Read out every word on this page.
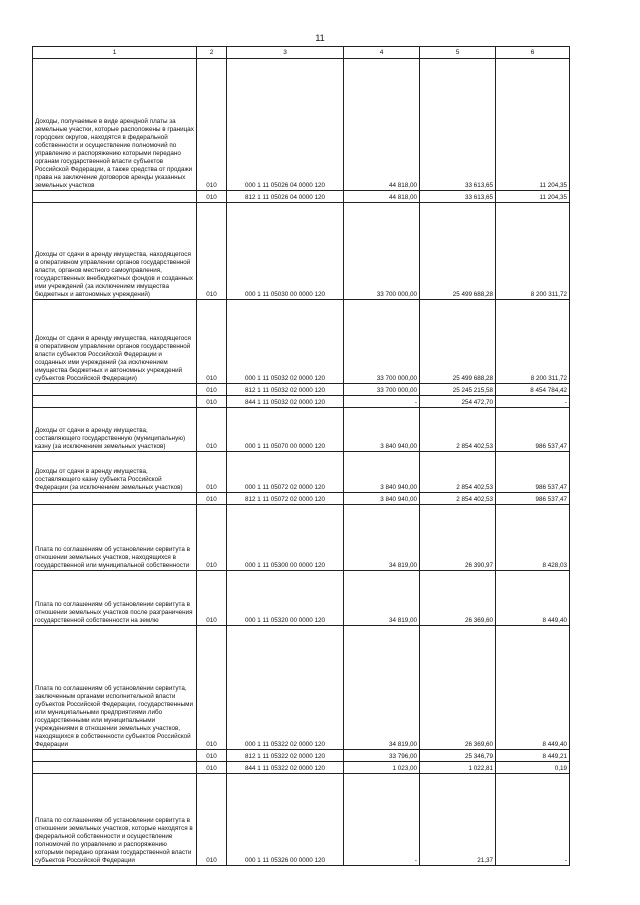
11
1	2	3	4	5	6
Доходы, получаемые в виде арендной платы за земельные участки, которые расположены в границах городских округов, находятся в федеральной собственности и осуществление полномочий по управлению и распоряжению которыми передано органам государственной власти субъектов Российской Федерации, а также средства от продажи права на заключение договоров аренды указанных земельных участков	010	000 1 11 05026 04 0000 120	44 818,00	33 613,65	11 204,35
	010	812 1 11 05026 04 0000 120	44 818,00	33 613,65	11 204,35
Доходы от сдачи в аренду имущества, находящегося в оперативном управлении органов государственной власти, органов местного самоуправления, государственных внебюджетных фондов и созданных ими учреждений (за исключением имущества бюджетных и автономных учреждений)	010	000 1 11 05030 00 0000 120	33 700 000,00	25 499 688,28	8 200 311,72
Доходы от сдачи в аренду имущества, находящегося в оперативном управлении органов государственной власти субъектов Российской Федерации и созданных ими учреждений (за исключением имущества бюджетных и автономных учреждений субъектов Российской Федерации)	010	000 1 11 05032 02 0000 120	33 700 000,00	25 499 688,28	8 200 311,72
	010	812 1 11 05032 02 0000 120	33 700 000,00	25 245 215,58	8 454 784,42
	010	844 1 11 05032 02 0000 120	-	254 472,70	-
Доходы от сдачи в аренду имущества, составляющего государственную (муниципальную) казну (за исключением земельных участков)	010	000 1 11 05070 00 0000 120	3 840 940,00	2 854 402,53	986 537,47
Доходы от сдачи в аренду имущества, составляющего казну субъекта Российской Федерации (за исключением земельных участков)	010	000 1 11 05072 02 0000 120	3 840 940,00	2 854 402,53	986 537,47
	010	812 1 11 05072 02 0000 120	3 840 940,00	2 854 402,53	986 537,47
Плата по соглашениям об установлении сервитута в отношении земельных участков, находящихся в государственной или муниципальной собственности	010	000 1 11 05300 00 0000 120	34 819,00	26 390,97	8 428,03
Плата по соглашениям об установлении сервитута в отношении земельных участков после разграничения государственной собственности на землю	010	000 1 11 05320 00 0000 120	34 819,00	26 369,60	8 449,40
Плата по соглашениям об установлении сервитута, заключенным органами исполнительной власти субъектов Российской Федерации, государственными или муниципальными предприятиями либо государственными или муниципальными учреждениями в отношении земельных участков, находящихся в собственности субъектов Российской Федерации	010	000 1 11 05322 02 0000 120	34 819,00	26 369,60	8 449,40
	010	812 1 11 05322 02 0000 120	33 796,00	25 346,79	8 449,21
	010	844 1 11 05322 02 0000 120	1 023,00	1 022,81	0,19
Плата по соглашениям об установлении сервитута в отношении земельных участков, которые находятся в федеральной собственности и осуществление полномочий по управлению и распоряжению которыми передано органам государственной власти субъектов Российской Федерации	010	000 1 11 05326 00 0000 120	-	21,37	-
